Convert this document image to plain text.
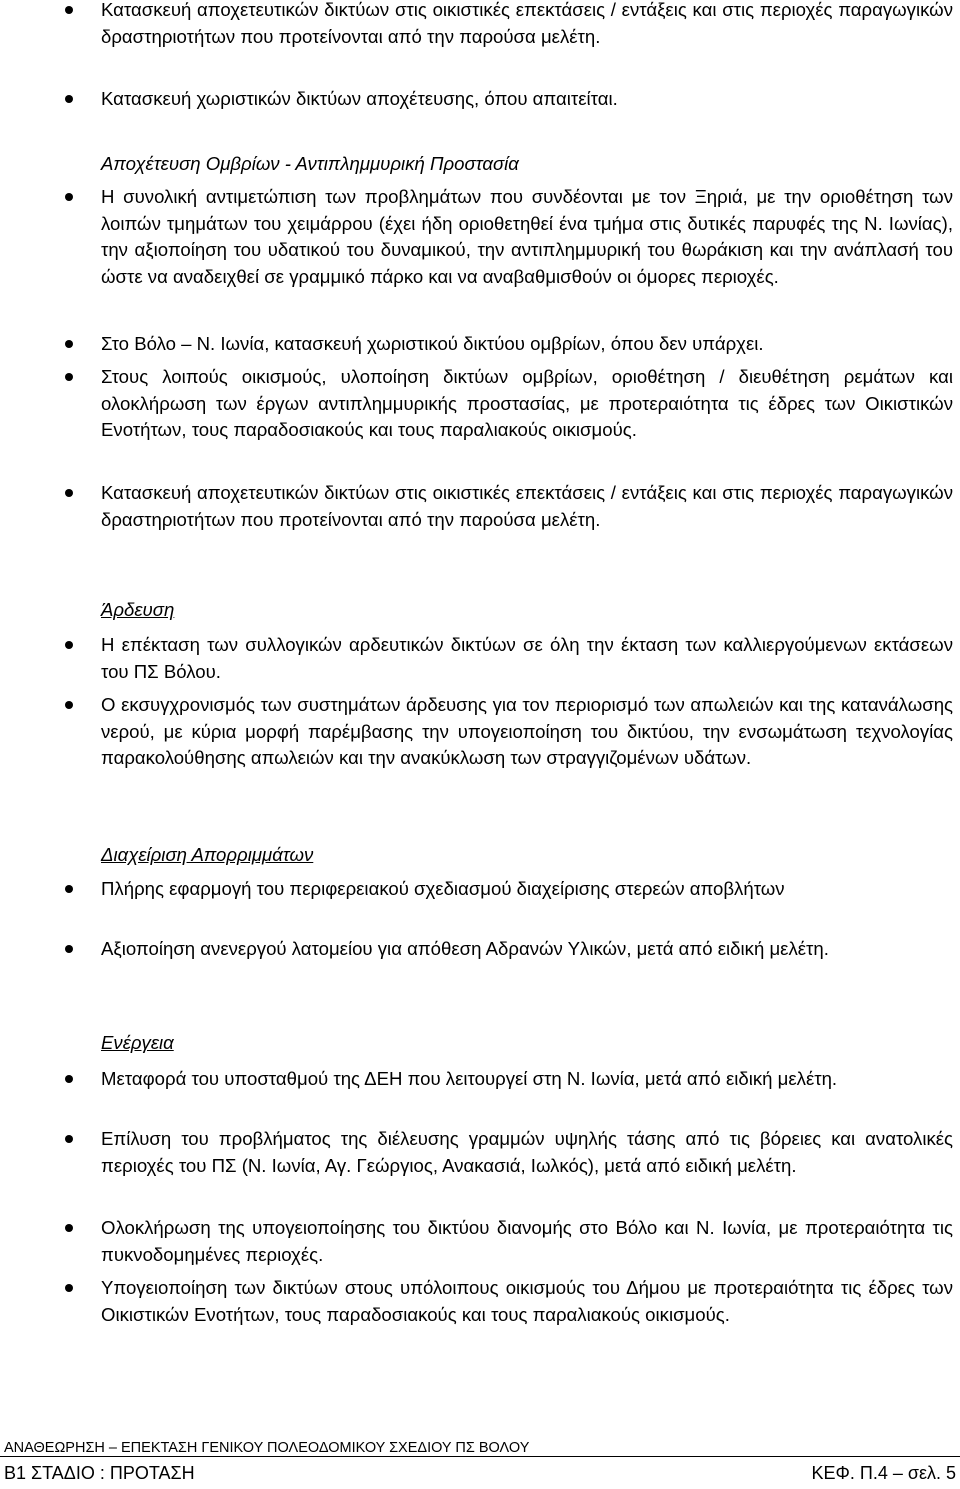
Κατασκευή αποχετευτικών δικτύων στις οικιστικές επεκτάσεις / εντάξεις και στις περιοχές παραγωγικών δραστηριοτήτων που προτείνονται από την παρούσα μελέτη.
Κατασκευή χωριστικών δικτύων αποχέτευσης, όπου απαιτείται.
Αποχέτευση Ομβρίων - Αντιπλημμυρική Προστασία
Η συνολική αντιμετώπιση των προβλημάτων που συνδέονται με τον Ξηριά, με την οριοθέτηση των λοιπών τμημάτων του χειμάρρου (έχει ήδη οριοθετηθεί ένα τμήμα στις δυτικές παρυφές της Ν. Ιωνίας), την αξιοποίηση του υδατικού του δυναμικού, την αντιπλημμυρική του θωράκιση και την ανάπλασή του ώστε να αναδειχθεί σε γραμμικό πάρκο και να αναβαθμισθούν οι όμορες περιοχές.
Στο Βόλο – Ν. Ιωνία, κατασκευή χωριστικού δικτύου ομβρίων, όπου δεν υπάρχει.
Στους λοιπούς οικισμούς, υλοποίηση δικτύων ομβρίων, οριοθέτηση / διευθέτηση ρεμάτων και ολοκλήρωση των έργων αντιπλημμυρικής προστασίας, με προτεραιότητα τις έδρες των Οικιστικών Ενοτήτων, τους παραδοσιακούς και τους παραλιακούς οικισμούς.
Κατασκευή αποχετευτικών δικτύων στις οικιστικές επεκτάσεις / εντάξεις και στις περιοχές παραγωγικών δραστηριοτήτων που προτείνονται από την παρούσα μελέτη.
Άρδευση
Η επέκταση των συλλογικών αρδευτικών δικτύων σε όλη την έκταση των καλλιεργούμενων εκτάσεων του ΠΣ Βόλου.
Ο εκσυγχρονισμός των συστημάτων άρδευσης για τον περιορισμό των απωλειών και της κατανάλωσης νερού, με κύρια μορφή παρέμβασης την υπογειοποίηση του δικτύου, την ενσωμάτωση τεχνολογίας παρακολούθησης απωλειών και την ανακύκλωση των στραγγιζομένων υδάτων.
Διαχείριση Απορριμμάτων
Πλήρης εφαρμογή του περιφερειακού σχεδιασμού διαχείρισης στερεών αποβλήτων
Αξιοποίηση ανενεργού λατομείου για απόθεση Αδρανών Υλικών, μετά από ειδική μελέτη.
Ενέργεια
Μεταφορά του υποσταθμού της ΔΕΗ που λειτουργεί στη Ν. Ιωνία, μετά από ειδική μελέτη.
Επίλυση του προβλήματος της διέλευσης γραμμών υψηλής τάσης από τις βόρειες και ανατολικές περιοχές του ΠΣ (Ν. Ιωνία, Αγ. Γεώργιος, Ανακασιά, Ιωλκός), μετά από ειδική μελέτη.
Ολοκλήρωση της υπογειοποίησης του δικτύου διανομής στο Βόλο και Ν. Ιωνία, με προτεραιότητα τις πυκνοδομημένες περιοχές.
Υπογειοποίηση των δικτύων στους υπόλοιπους οικισμούς του Δήμου με προτεραιότητα τις έδρες των Οικιστικών Ενοτήτων, τους παραδοσιακούς και τους παραλιακούς οικισμούς.
ΑΝΑΘΕΩΡΗΣΗ – ΕΠΕΚΤΑΣΗ ΓΕΝΙΚΟΥ ΠΟΛΕΟΔΟΜΙΚΟΥ ΣΧΕΔΙΟΥ ΠΣ ΒΟΛΟΥ
Β1 ΣΤΑΔΙΟ : ΠΡΟΤΑΣΗ	ΚΕΦ. Π.4 – σελ. 5
